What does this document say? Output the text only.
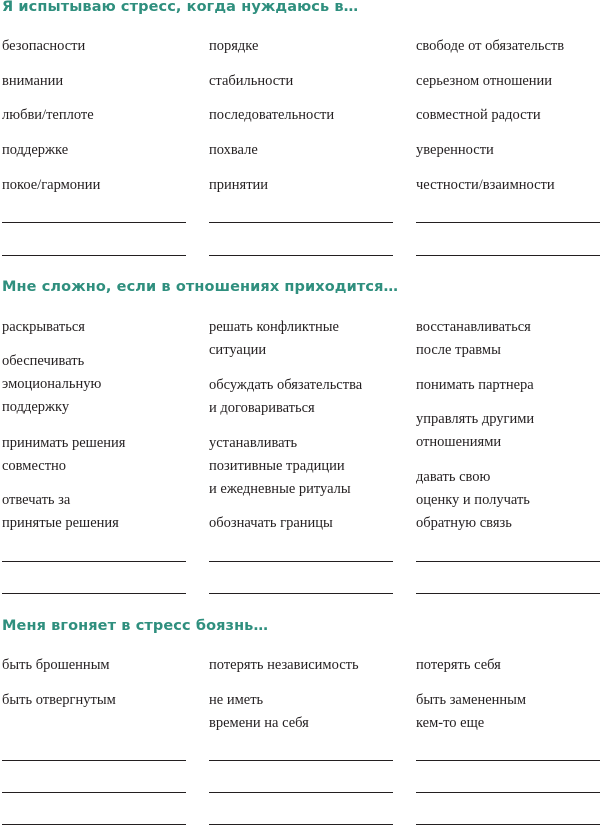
Я испытываю стресс, когда нуждаюсь в…

безопасности

внимании

любви/теплоте

поддержке

покое/гармонии

порядке

стабильности

последовательности

похвале

принятии

свободе от обязательств

серьезном отношении

совместной радости

уверенности

честности/взаимности

Мне сложно, если в отношениях приходится…

раскрываться

обеспечивать

эмоциональную

поддержку

принимать решения

совместно

отвечать за

принятые решения

решать конфликтные

ситуации

обсуждать обязательства

и договариваться

устанавливать

позитивные традиции

и ежедневные ритуалы

обозначать границы

восстанавливаться

после травмы

понимать партнера

управлять другими

отношениями

давать свою

оценку и получать

обратную связь

Меня вгоняет в стресс боязнь…

быть брошенным

быть отвергнутым

потерять независимость

не иметь

времени на себя

потерять себя

быть замененным

кем-то еще
